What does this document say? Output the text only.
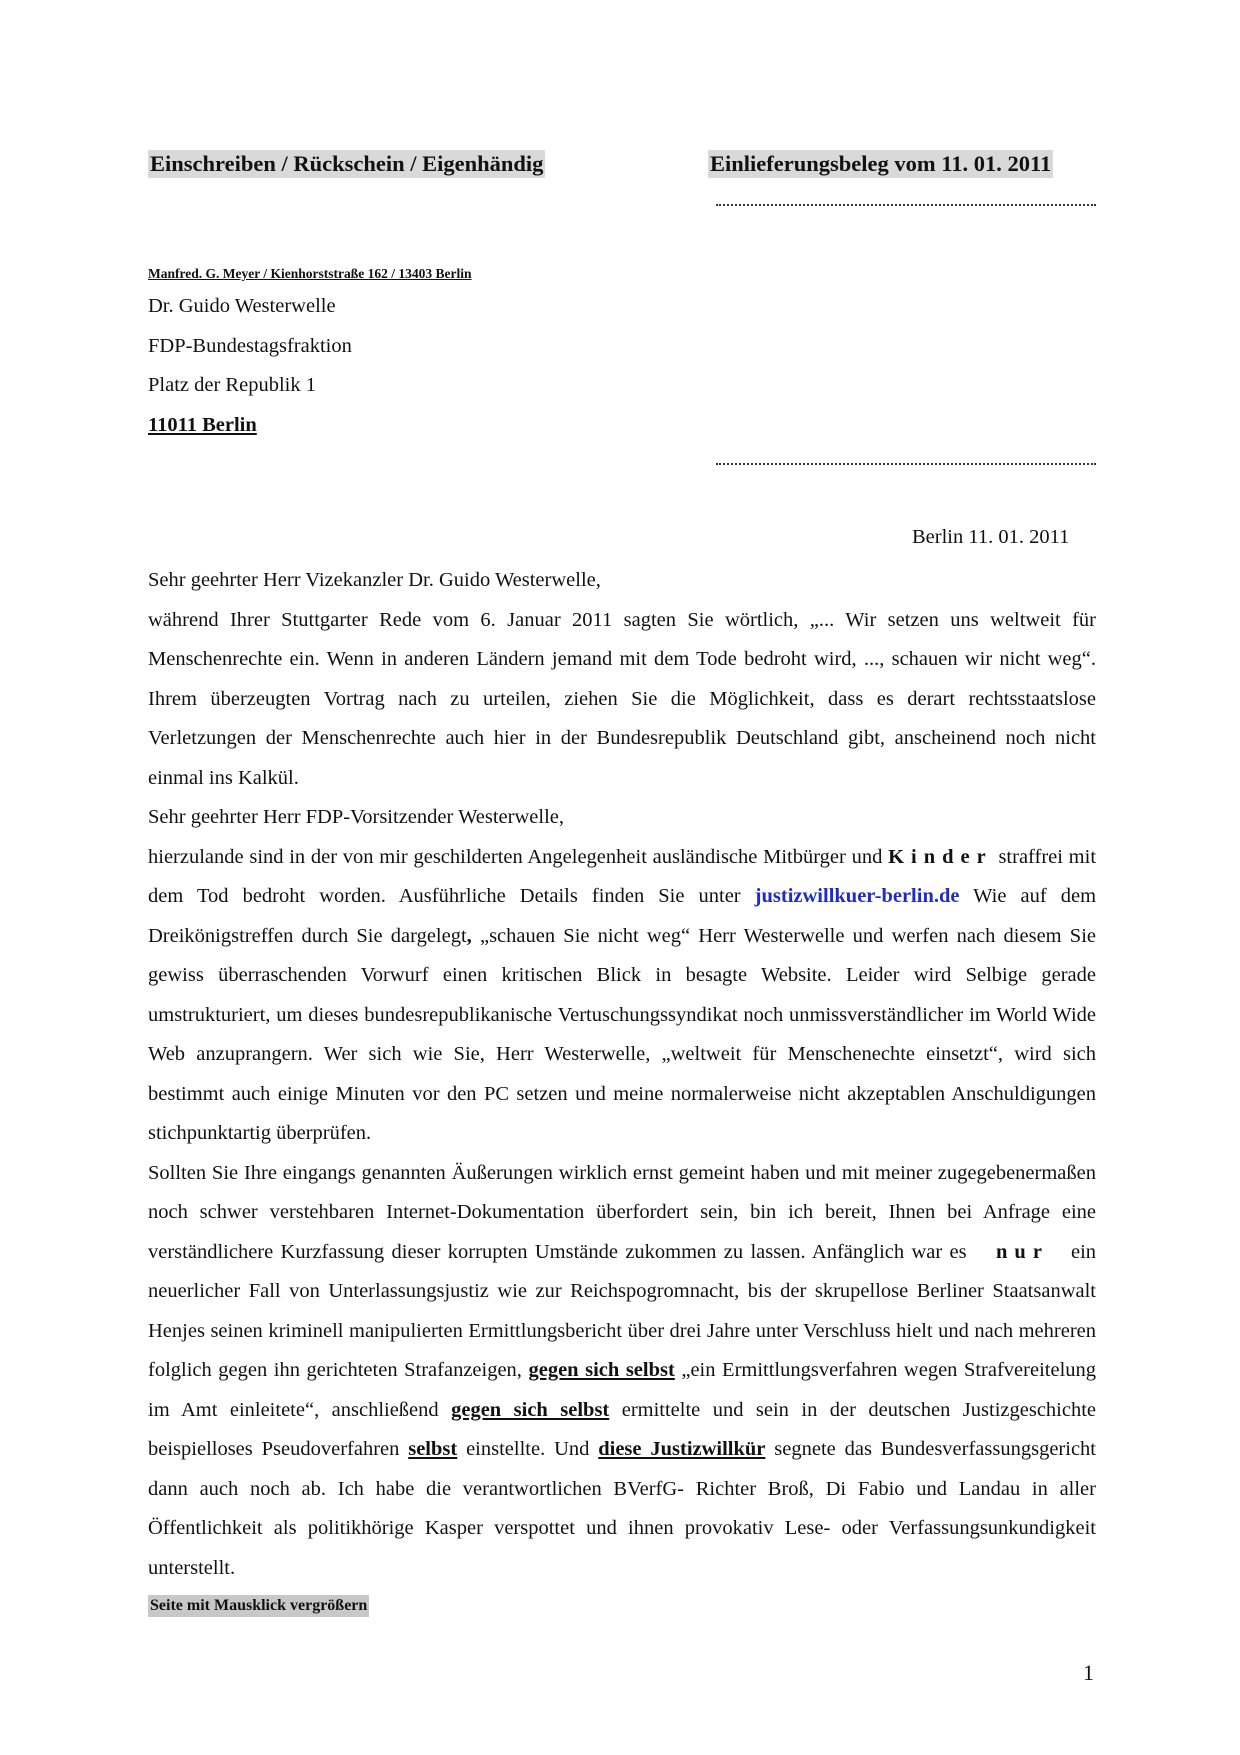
Einschreiben / Rückschein / Eigenhändig	Einlieferungsbeleg vom 11. 01. 2011
Manfred. G. Meyer / Kienhorststraße 162 / 13403 Berlin
Dr. Guido Westerwelle
FDP-Bundestagsfraktion
Platz der Republik 1
11011 Berlin
Berlin 11. 01. 2011

Sehr geehrter Herr Vizekanzler Dr. Guido Westerwelle,

während Ihrer Stuttgarter Rede vom 6. Januar 2011 sagten Sie wörtlich, „... Wir setzen uns weltweit für Menschenrechte ein. Wenn in anderen Ländern jemand mit dem Tode bedroht wird, ..., schauen wir nicht weg“. Ihrem überzeugten Vortrag nach zu urteilen, ziehen Sie die Möglichkeit, dass es derart rechtsstaatslose Verletzungen der Menschenrechte auch hier in der Bundesrepublik Deutschland gibt, anscheinend noch nicht einmal ins Kalkül.

Sehr geehrter Herr FDP-Vorsitzender Westerwelle,

hierzulande sind in der von mir geschilderten Angelegenheit ausländische Mitbürger und Kinder straffrei mit dem Tod bedroht worden. Ausführliche Details finden Sie unter justizwillkuer-berlin.de Wie auf dem Dreikönigstreffen durch Sie dargelegt, „schauen Sie nicht weg“ Herr Westerwelle und werfen nach diesem Sie gewiss überraschenden Vorwurf einen kritischen Blick in besagte Website. Leider wird Selbige gerade umstrukturiert, um dieses bundesrepublikanische Vertuschungssyndikat noch unmissverständlicher im World Wide Web anzuprangern. Wer sich wie Sie, Herr Westerwelle, „weltweit für Menschenechte einsetzt“, wird sich bestimmt auch einige Minuten vor den PC setzen und meine normalerweise nicht akzeptablen Anschuldigungen stichpunktartig überprüfen.

Sollten Sie Ihre eingangs genannten Äußerungen wirklich ernst gemeint haben und mit meiner zugegebenermaßen noch schwer verstehbaren Internet-Dokumentation überfordert sein, bin ich bereit, Ihnen bei Anfrage eine verständlichere Kurzfassung dieser korrupten Umstände zukommen zu lassen. Anfänglich war es nur ein neuerlicher Fall von Unterlassungsjustiz wie zur Reichspogromnacht, bis der skrupellose Berliner Staatsanwalt Henjes seinen kriminell manipulierten Ermittlungsbericht über drei Jahre unter Verschluss hielt und nach mehreren folglich gegen ihn gerichteten Strafanzeigen, gegen sich selbst „ein Ermittlungsverfahren wegen Strafvereitelung im Amt einleitete“, anschließend gegen sich selbst ermittelte und sein in der deutschen Justizgeschichte beispielloses Pseudoverfahren selbst einstellte. Und diese Justizwillkür segnete das Bundesverfassungsgericht dann auch noch ab. Ich habe die verantwortlichen BVerfG- Richter Broß, Di Fabio und Landau in aller Öffentlichkeit als politikhörige Kasper verspottet und ihnen provokativ Lese- oder Verfassungsunkundigkeit unterstellt.

Seite mit Mausklick vergrößern
1
